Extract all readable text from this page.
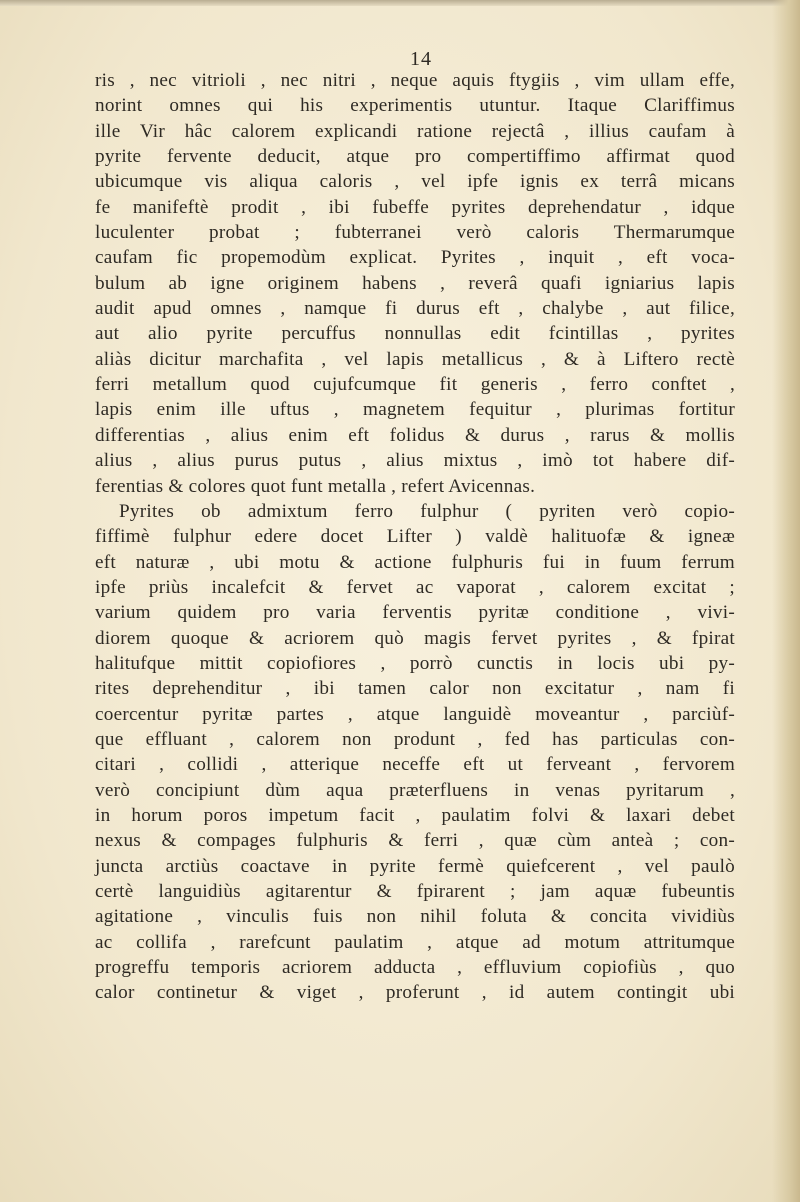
14
ris , nec vitrioli , nec nitri , neque aquis ftygiis , vim ullam effe,
norint omnes qui his experimentis utuntur. Itaque Clariffimus
ille Vir hâc calorem explicandi ratione rejectâ , illius caufam à
pyrite fervente deducit, atque pro compertiffimo affirmat quod
ubicumque vis aliqua caloris , vel ipfe ignis ex terrâ micans
fe manifeftè prodit , ibi fubeffe pyrites deprehendatur , idque
luculenter probat ; fubterranei verò caloris Thermarumque
caufam fic propemodùm explicat. Pyrites , inquit , eft voca-
bulum ab igne originem habens , reverâ quafi igniarius lapis
audit apud omnes , namque fi durus eft , chalybe , aut filice,
aut alio pyrite percuffus nonnullas edit fcintillas , pyrites
aliàs dicitur marchafita , vel lapis metallicus , & à Liftero rectè
ferri metallum quod cujufcumque fit generis , ferro conftet ,
lapis enim ille uftus , magnetem fequitur , plurimas fortitur
differentias , alius enim eft folidus & durus , rarus & mollis
alius , alius purus putus , alius mixtus , imò tot habere dif-
ferentias & colores quot funt metalla , refert Avicennas.
Pyrites ob admixtum ferro fulphur ( pyriten verò copio-
fiffimè fulphur edere docet Lifter ) valdè halituofæ & igneæ
eft naturæ , ubi motu & actione fulphuris fui in fuum ferrum
ipfe priùs incalefcit & fervet ac vaporat , calorem excitat ;
varium quidem pro varia ferventis pyritæ conditione , vivi-
diorem quoque & acriorem quò magis fervet pyrites , & fpirat
halitufque mittit copiofiores , porrò cunctis in locis ubi py-
rites deprehenditur , ibi tamen calor non excitatur , nam fi
coercentur pyritæ partes , atque languidè moveantur , parciùf-
que effluant , calorem non produnt , fed has particulas con-
citari , collidi , atterique neceffe eft ut ferveant , fervorem
verò concipiunt dùm aqua præterfluens in venas pyritarum ,
in horum poros impetum facit , paulatim folvi & laxari debet
nexus & compages fulphuris & ferri , quæ cùm anteà ; con-
juncta arctiùs coactave in pyrite fermè quiefcerent , vel paulò
certè languidiùs agitarentur & fpirarent ; jam aquæ fubeuntis
agitatione , vinculis fuis non nihil foluta & concita vividiùs
ac collifa , rarefcunt paulatim , atque ad motum attritumque
progreffu temporis acriorem adducta , effluvium copiofiùs , quo
calor continetur & viget , proferunt , id autem contingit ubi
